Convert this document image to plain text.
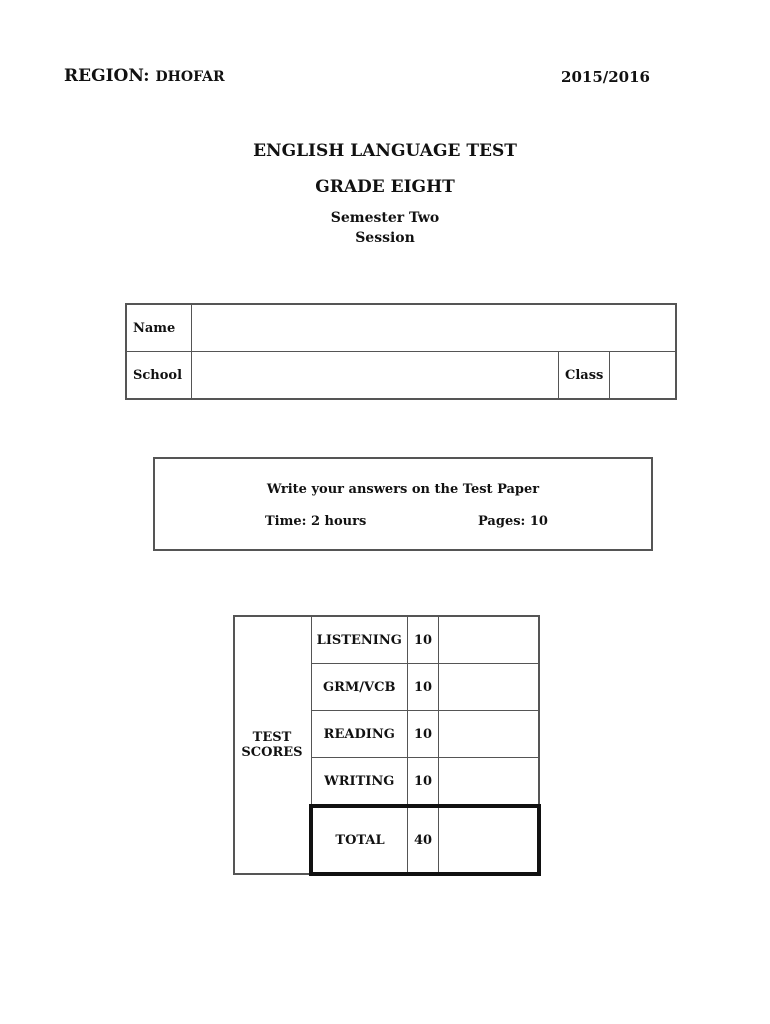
REGION: DHOFAR	2015/2016
ENGLISH LANGUAGE TEST
GRADE EIGHT
Semester Two
Session
Name			
School		Class	
Write your answers on the Test Paper
Time: 2 hours	Pages: 10
TEST
SCORES	LISTENING	10	
	GRM/VCB	10	
	READING	10	
	WRITING	10	
	TOTAL	40	
